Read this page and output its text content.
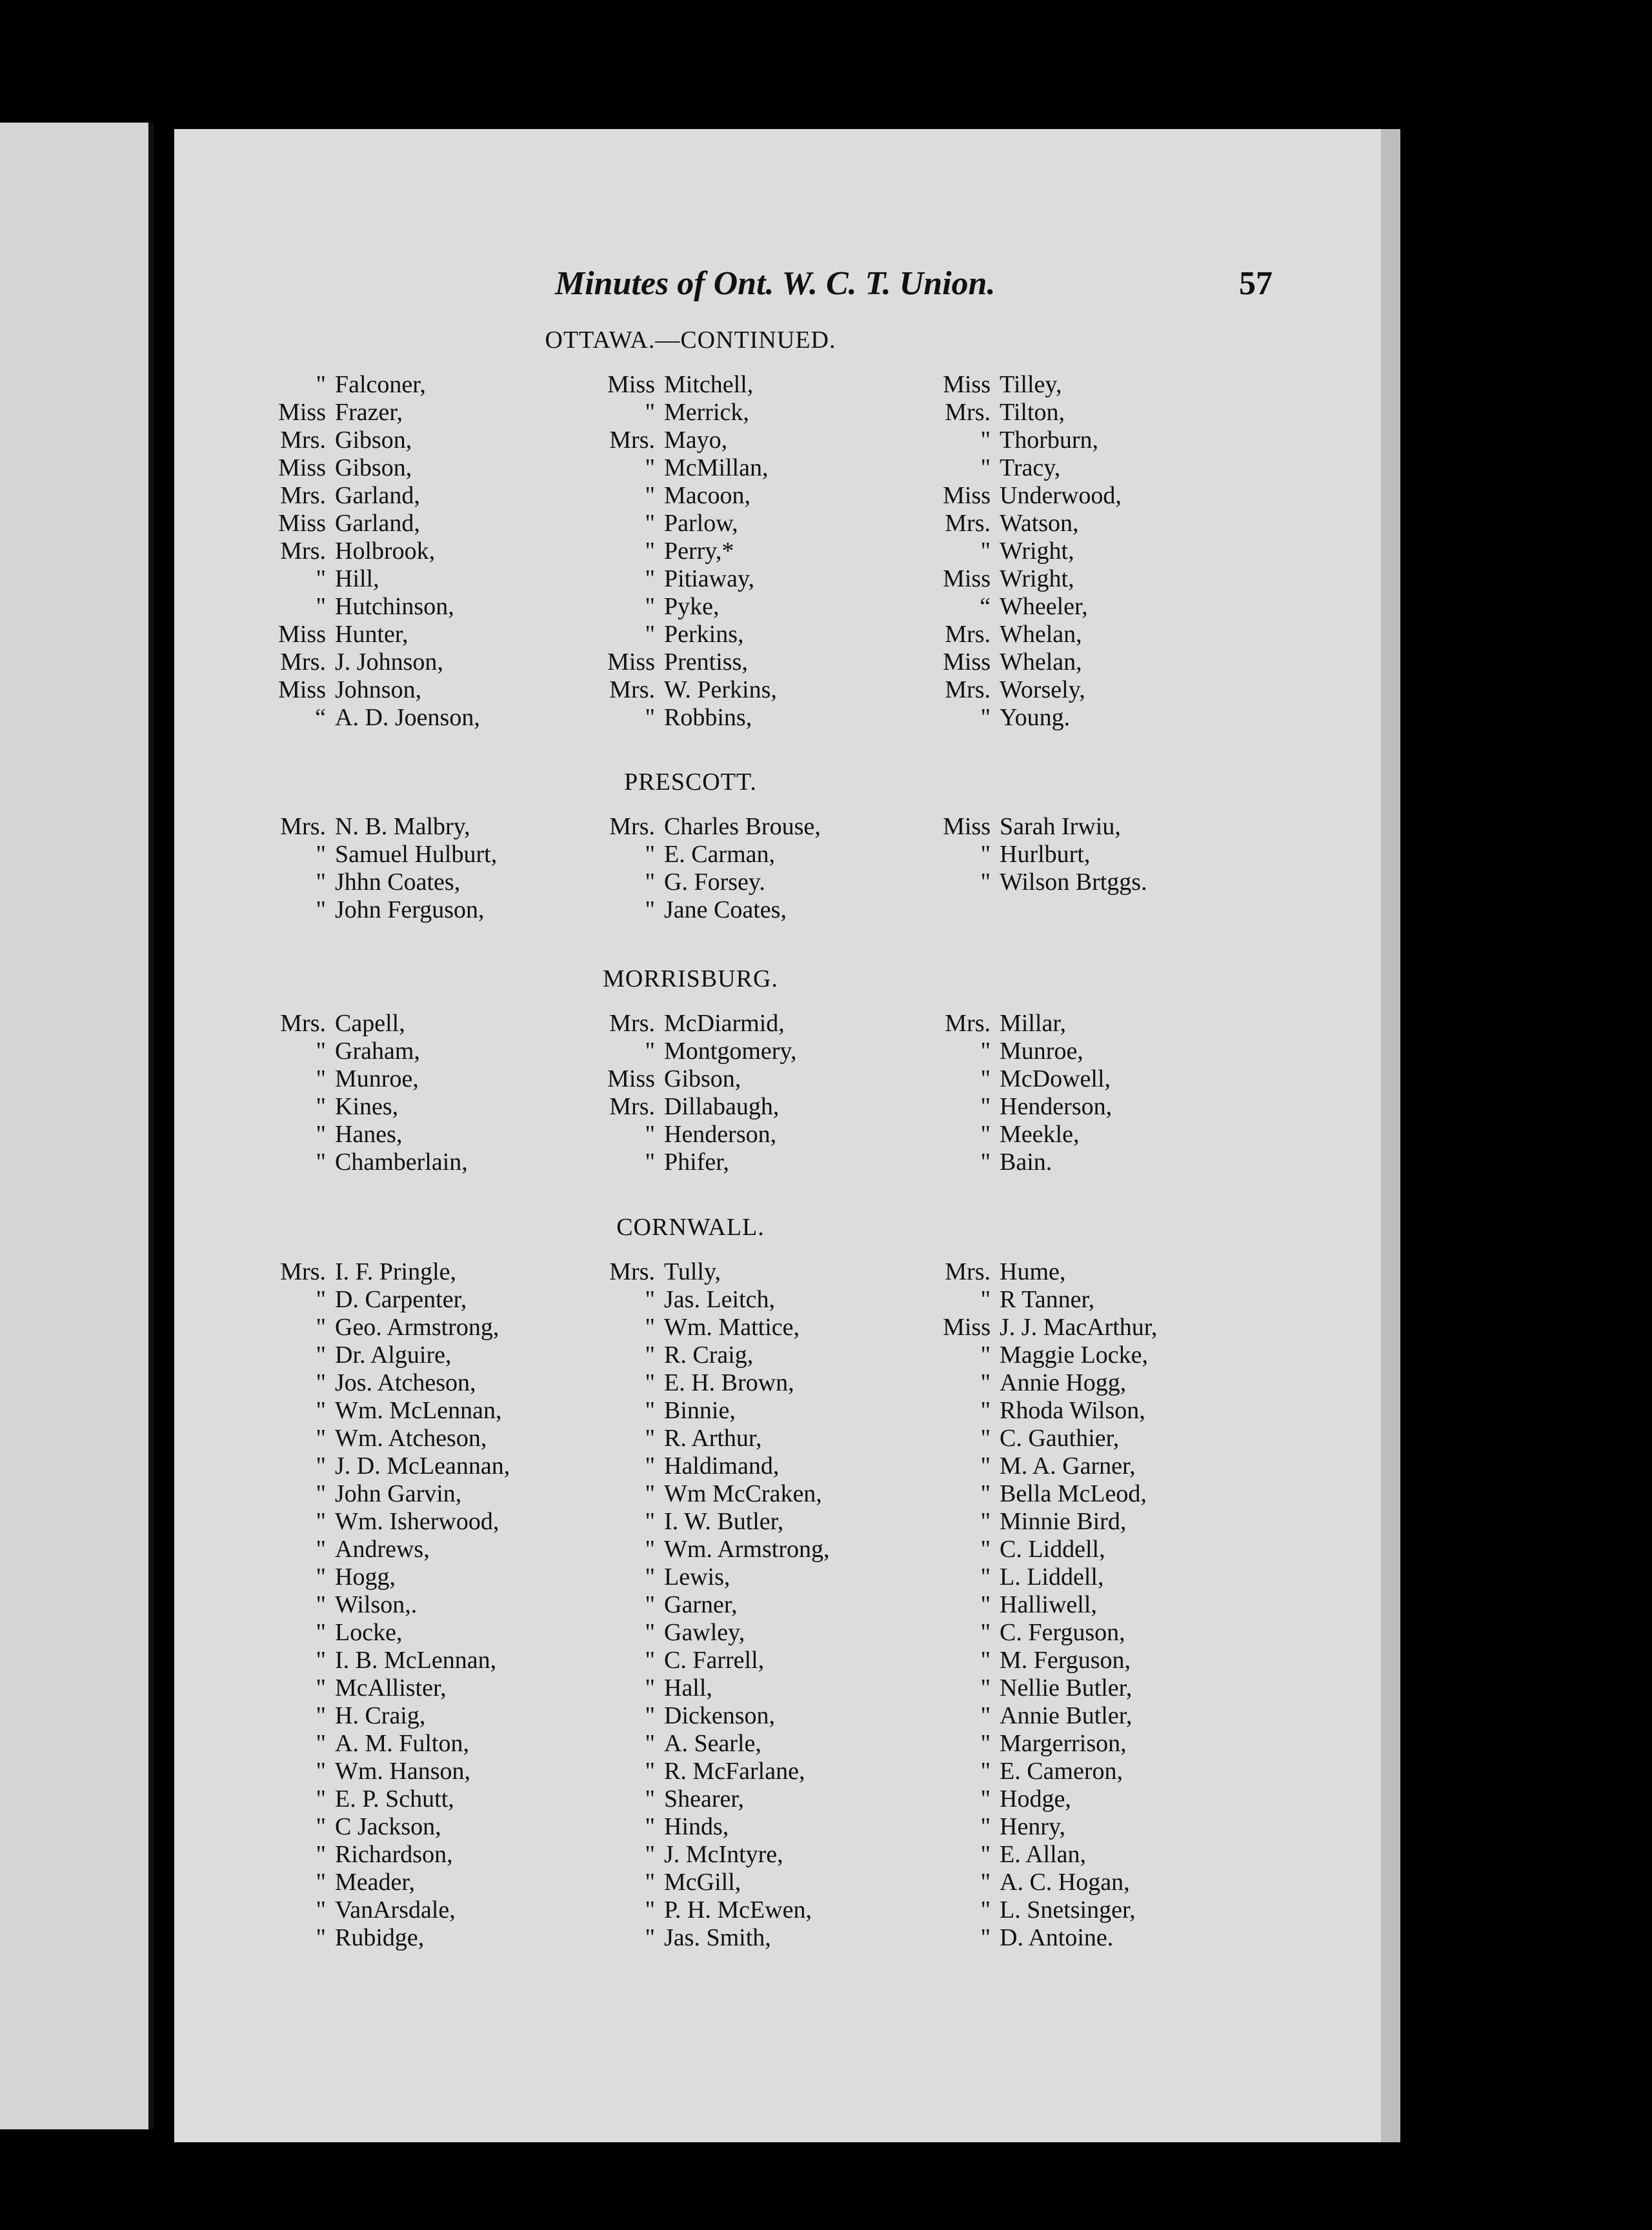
Minutes of Ont. W. C. T. Union.	57
OTTAWA.—CONTINUED.
" Falconer,
Miss Frazer,
Mrs. Gibson,
Miss Gibson,
Mrs. Garland,
Miss Garland,
Mrs. Holbrook,
" Hill,
" Hutchinson,
Miss Hunter,
Mrs. J. Johnson,
Miss Johnson,
“ A. D. Joenson,
Miss Mitchell,
" Merrick,
Mrs. Mayo,
" McMillan,
" Macoon,
" Parlow,
" Perry,*
" Pitiaway,
" Pyke,
" Perkins,
Miss Prentiss,
Mrs. W. Perkins,
" Robbins,
Miss Tilley,
Mrs. Tilton,
" Thorburn,
" Tracy,
Miss Underwood,
Mrs. Watson,
" Wright,
Miss Wright,
“ Wheeler,
Mrs. Whelan,
Miss Whelan,
Mrs. Worsely,
" Young.
PRESCOTT.
Mrs. N. B. Malbry,
" Samuel Hulburt,
" Jhhn Coates,
" John Ferguson,
Mrs. Charles Brouse,
" E. Carman,
" G. Forsey.
" Jane Coates,
Miss Sarah Irwiu,
" Hurlburt,
" Wilson Brtggs.
MORRISBURG.
Mrs. Capell,
" Graham,
" Munroe,
" Kines,
" Hanes,
" Chamberlain,
Mrs. McDiarmid,
" Montgomery,
Miss Gibson,
Mrs. Dillabaugh,
" Henderson,
" Phifer,
Mrs. Millar,
" Munroe,
" McDowell,
" Henderson,
" Meekle,
" Bain.
CORNWALL.
Mrs. I. F. Pringle,
" D. Carpenter,
" Geo. Armstrong,
" Dr. Alguire,
" Jos. Atcheson,
" Wm. McLennan,
" Wm. Atcheson,
" J. D. McLeannan,
" John Garvin,
" Wm. Isherwood,
" Andrews,
" Hogg,
" Wilson,.
" Locke,
" I. B. McLennan,
" McAllister,
" H. Craig,
" A. M. Fulton,
" Wm. Hanson,
" E. P. Schutt,
" C Jackson,
" Richardson,
" Meader,
" VanArsdale,
" Rubidge,
Mrs. Tully,
" Jas. Leitch,
" Wm. Mattice,
" R. Craig,
" E. H. Brown,
" Binnie,
" R. Arthur,
" Haldimand,
" Wm McCraken,
" I. W. Butler,
" Wm. Armstrong,
" Lewis,
" Garner,
" Gawley,
" C. Farrell,
" Hall,
" Dickenson,
" A. Searle,
" R. McFarlane,
" Shearer,
" Hinds,
" J. McIntyre,
" McGill,
" P. H. McEwen,
" Jas. Smith,
Mrs. Hume,
" R Tanner,
Miss J. J. MacArthur,
" Maggie Locke,
" Annie Hogg,
" Rhoda Wilson,
" C. Gauthier,
" M. A. Garner,
" Bella McLeod,
" Minnie Bird,
" C. Liddell,
" L. Liddell,
" Halliwell,
" C. Ferguson,
" M. Ferguson,
" Nellie Butler,
" Annie Butler,
" Margerrison,
" E. Cameron,
" Hodge,
" Henry,
" E. Allan,
" A. C. Hogan,
" L. Snetsinger,
" D. Antoine.
